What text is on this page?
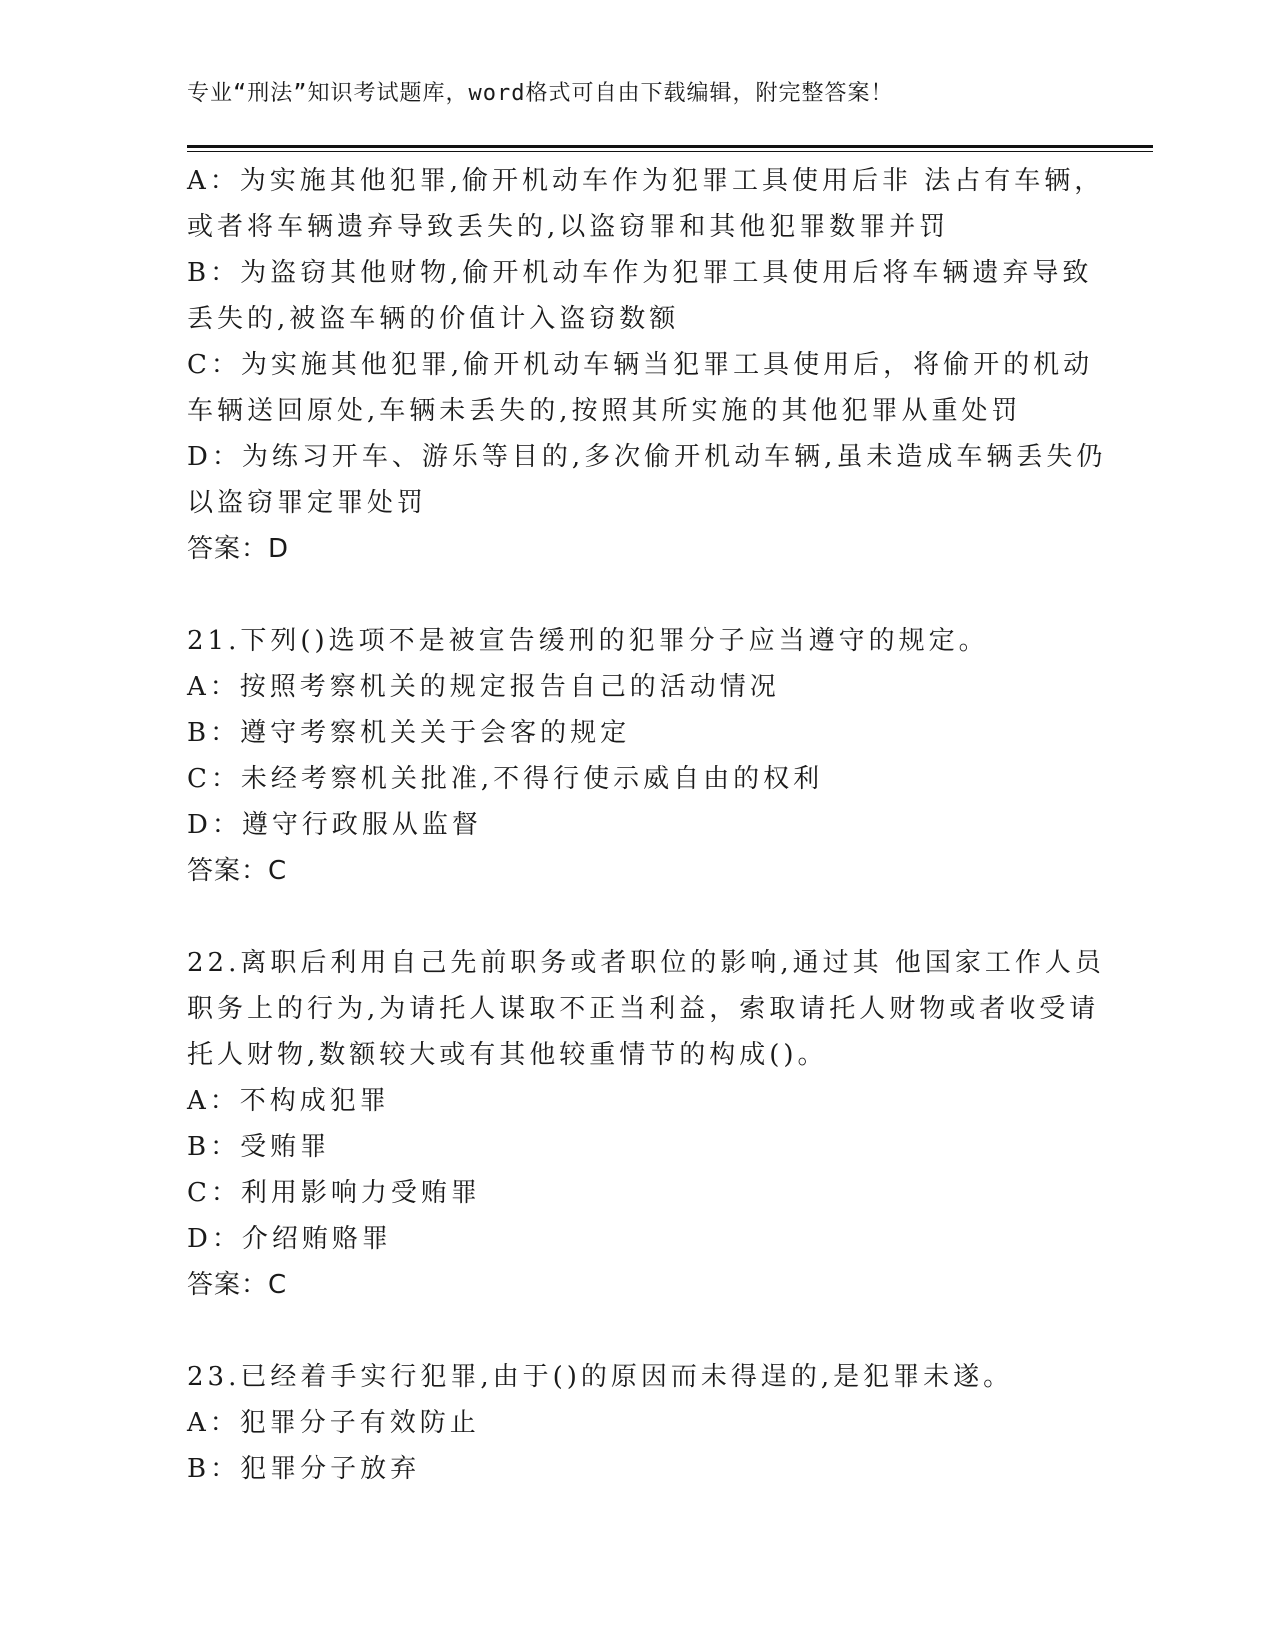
专业“刑法”知识考试题库，word格式可自由下载编辑，附完整答案！
A：为实施其他犯罪,偷开机动车作为犯罪工具使用后非 法占有车辆，
或者将车辆遗弃导致丢失的,以盗窃罪和其他犯罪数罪并罚
B：为盗窃其他财物,偷开机动车作为犯罪工具使用后将车辆遗弃导致
丢失的,被盗车辆的价值计入盗窃数额
C：为实施其他犯罪,偷开机动车辆当犯罪工具使用后，将偷开的机动
车辆送回原处,车辆未丢失的,按照其所实施的其他犯罪从重处罚
D：为练习开车、游乐等目的,多次偷开机动车辆,虽未造成车辆丢失仍
以盗窃罪定罪处罚
答案：D
21.下列()选项不是被宣告缓刑的犯罪分子应当遵守的规定。
A：按照考察机关的规定报告自己的活动情况
B：遵守考察机关关于会客的规定
C：未经考察机关批准,不得行使示威自由的权利
D：遵守行政服从监督
答案：C
22.离职后利用自己先前职务或者职位的影响,通过其 他国家工作人员
职务上的行为,为请托人谋取不正当利益，索取请托人财物或者收受请
托人财物,数额较大或有其他较重情节的构成()。
A：不构成犯罪
B：受贿罪
C：利用影响力受贿罪
D：介绍贿赂罪
答案：C
23.已经着手实行犯罪,由于()的原因而未得逞的,是犯罪未遂。
A：犯罪分子有效防止
B：犯罪分子放弃
